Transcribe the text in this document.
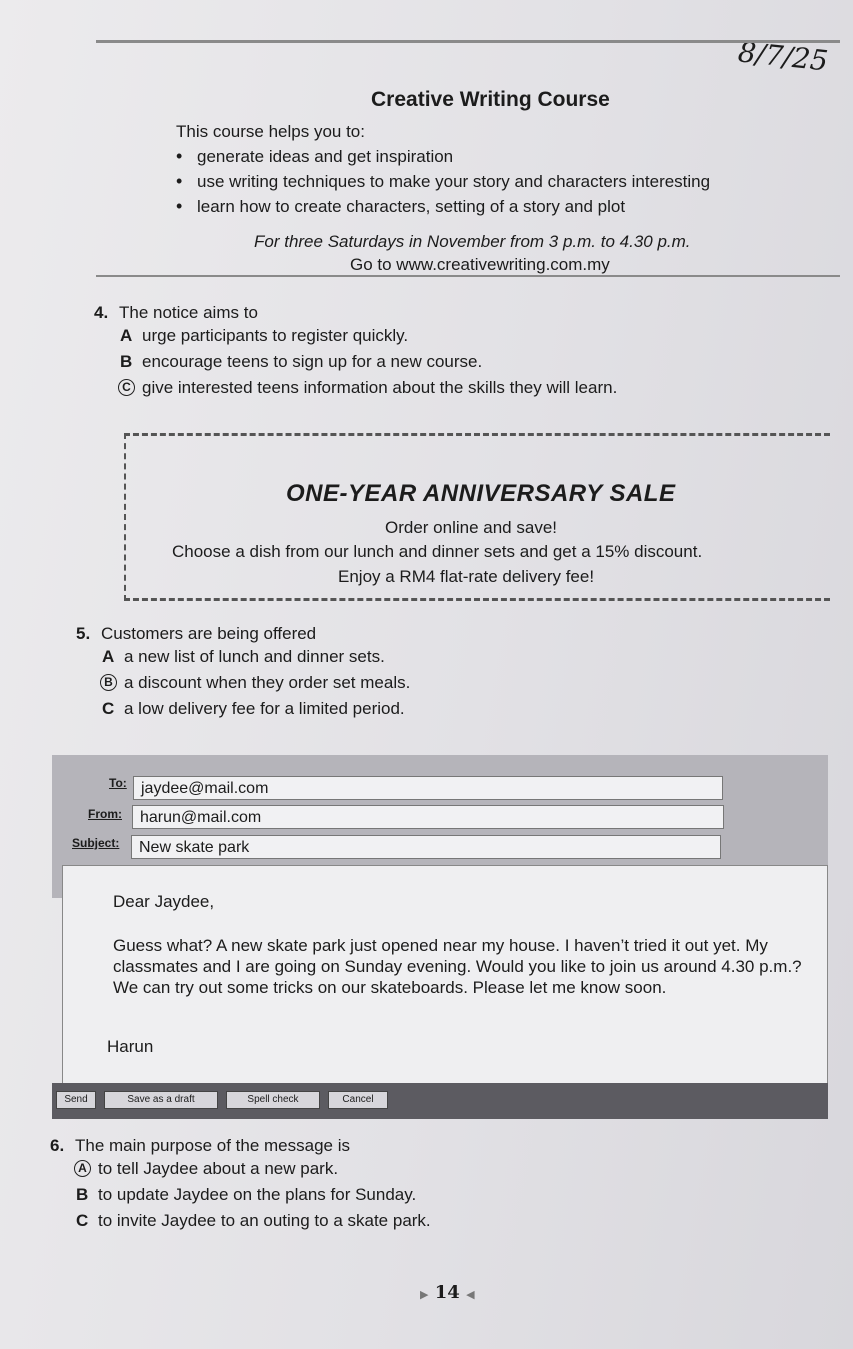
8/7/25
Creative Writing Course
This course helps you to:
• generate ideas and get inspiration
• use writing techniques to make your story and characters interesting
• learn how to create characters, setting of a story and plot
For three Saturdays in November from 3 p.m. to 4.30 p.m.
Go to www.creativewriting.com.my
4. The notice aims to
A urge participants to register quickly.
B encourage teens to sign up for a new course.
C give interested teens information about the skills they will learn.
ONE-YEAR ANNIVERSARY SALE
Order online and save!
Choose a dish from our lunch and dinner sets and get a 15% discount.
Enjoy a RM4 flat-rate delivery fee!
5. Customers are being offered
A a new list of lunch and dinner sets.
B a discount when they order set meals.
C a low delivery fee for a limited period.
To: jaydee@mail.com
From:	harun@mail.com
Subject:	New skate park
Dear Jaydee,
Guess what? A new skate park just opened near my house. I haven’t tried it out yet. My classmates and I are going on Sunday evening. Would you like to join us around 4.30 p.m.? We can try out some tricks on our skateboards. Please let me know soon.
Harun
Send	Save as a draft	Spell check	Cancel
6. The main purpose of the message is
A to tell Jaydee about a new park.
B to update Jaydee on the plans for Sunday.
C to invite Jaydee to an outing to a skate park.
▶ 14 ◀
